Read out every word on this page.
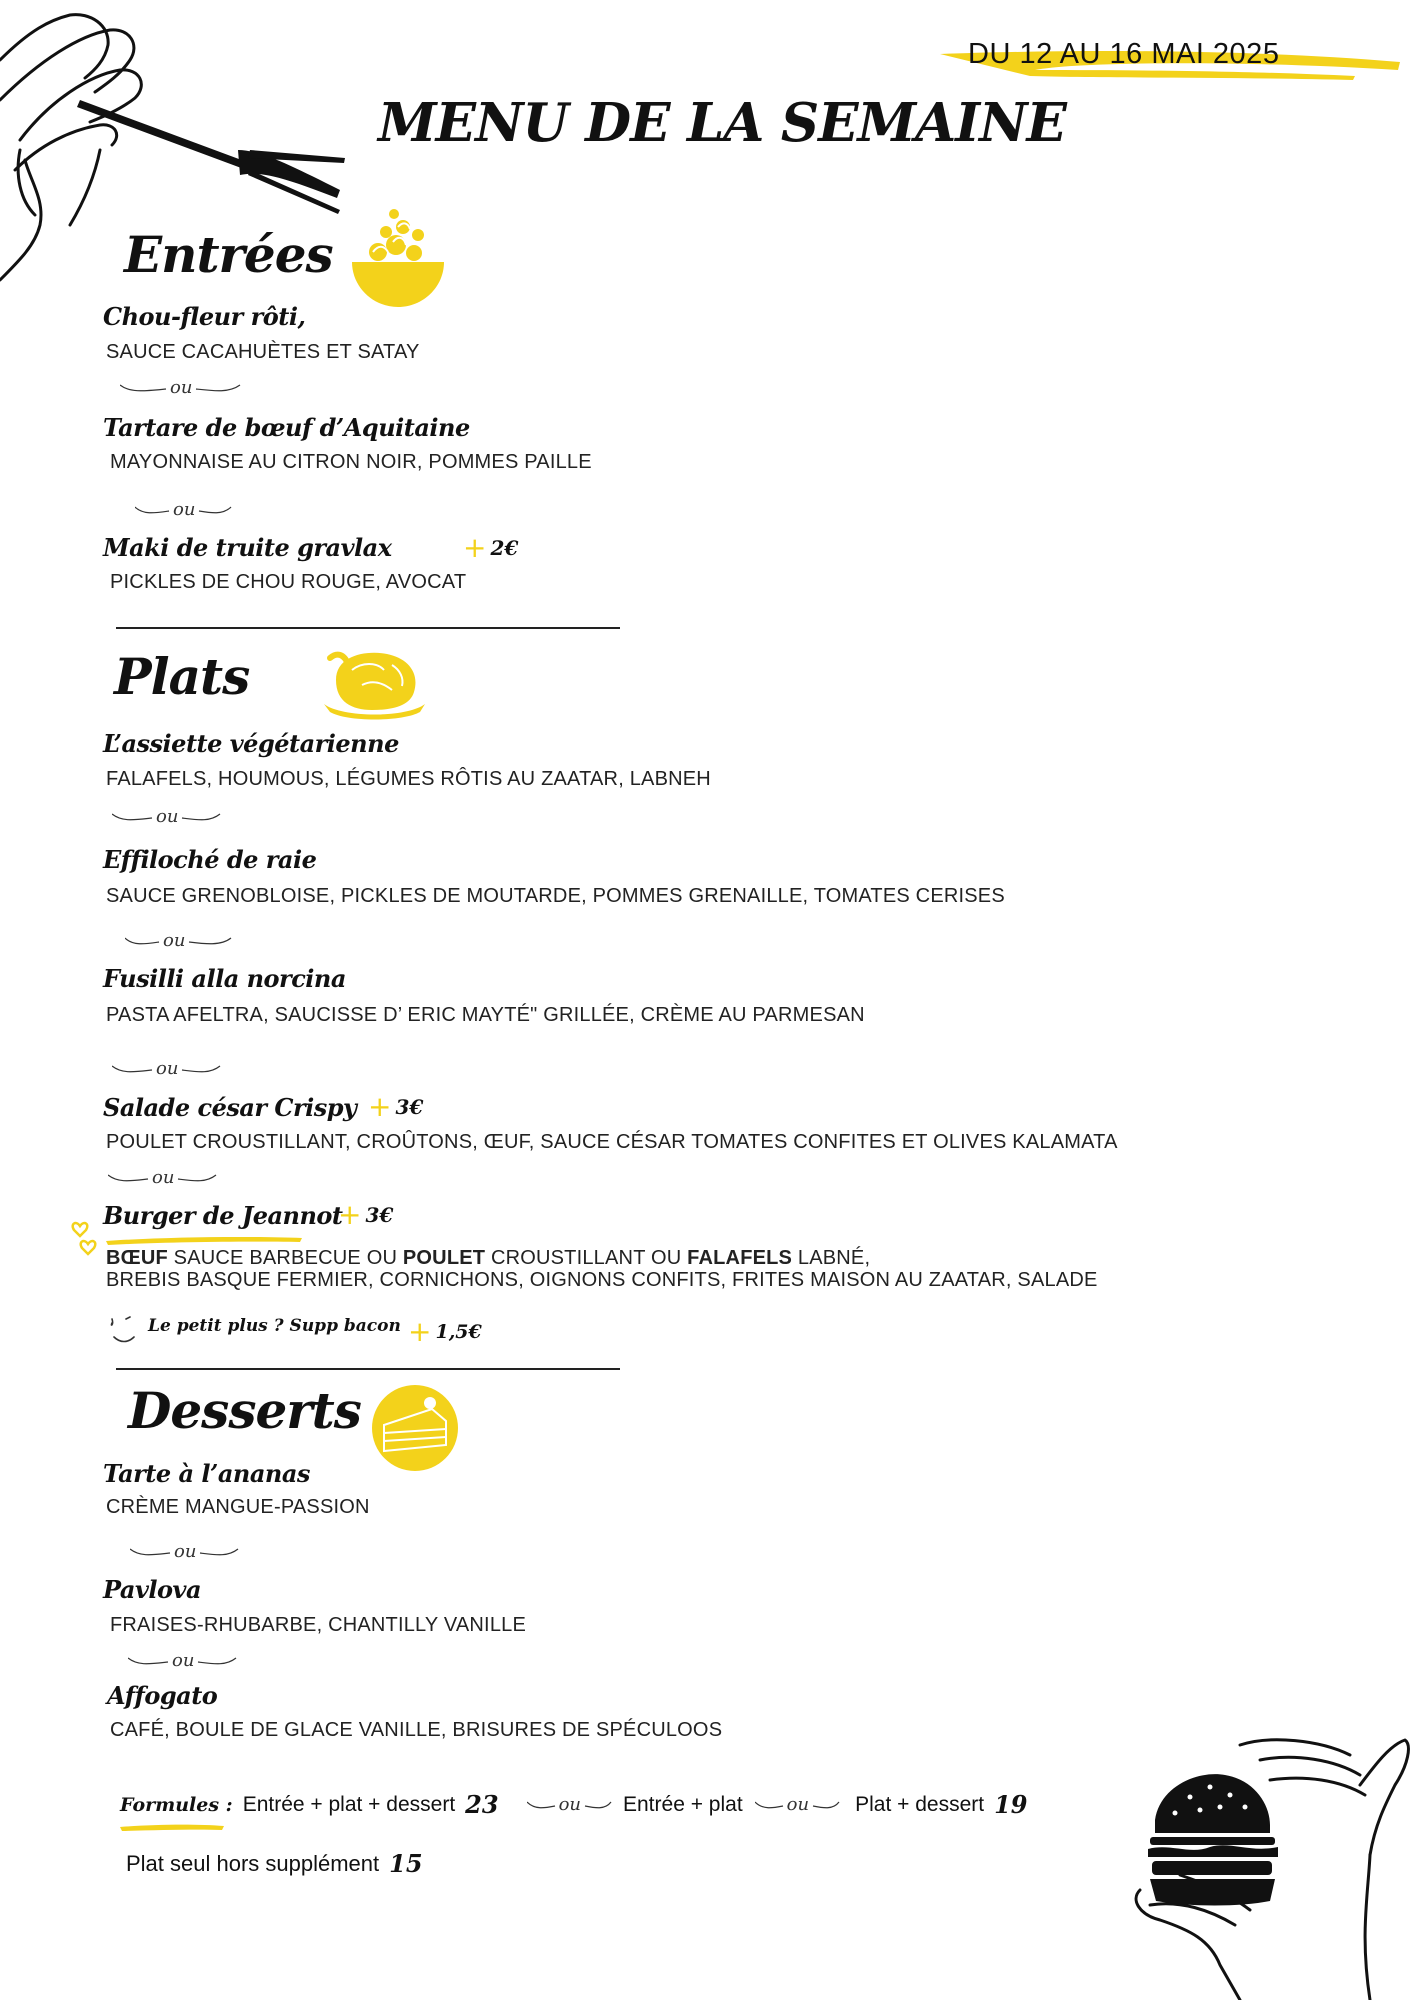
DU 12 AU 16 MAI 2025
MENU DE LA SEMAINE
Entrées
Chou-fleur rôti,
SAUCE CACAHUÈTES ET SATAY
ou
Tartare de bœuf d’Aquitaine
MAYONNAISE AU CITRON NOIR, POMMES PAILLE
ou
Maki de truite gravlax	+ 2€
PICKLES DE CHOU ROUGE, AVOCAT
Plats
L’assiette végétarienne
FALAFELS, HOUMOUS, LÉGUMES RÔTIS AU ZAATAR, LABNEH
ou
Effiloché de raie
SAUCE GRENOBLOISE, PICKLES DE MOUTARDE, POMMES GRENAILLE, TOMATES CERISES
ou
Fusilli alla norcina
PASTA AFELTRA, SAUCISSE D’ ERIC MAYTÉ" GRILLÉE, CRÈME AU PARMESAN
ou
Salade césar Crispy + 3€
POULET CROUSTILLANT, CROÛTONS, ŒUF, SAUCE CÉSAR TOMATES CONFITES ET OLIVES KALAMATA
ou
Burger de Jeannot
+ 3€
BŒUF SAUCE BARBECUE OU POULET CROUSTILLANT OU FALAFELS LABNÉ,
BREBIS BASQUE FERMIER, CORNICHONS, OIGNONS CONFITS, FRITES MAISON AU ZAATAR, SALADE
Le petit plus ? Supp bacon + 1,5€
Desserts
Tarte à l’ananas
CRÈME MANGUE-PASSION
ou
Pavlova
FRAISES-RHUBARBE, CHANTILLY VANILLE
ou
Affogato
CAFÉ, BOULE DE GLACE VANILLE, BRISURES DE SPÉCULOOS
Formules : Entrée + plat + dessert 23	ou Entrée + plat ou Plat + dessert 19
Plat seul hors supplément 15
